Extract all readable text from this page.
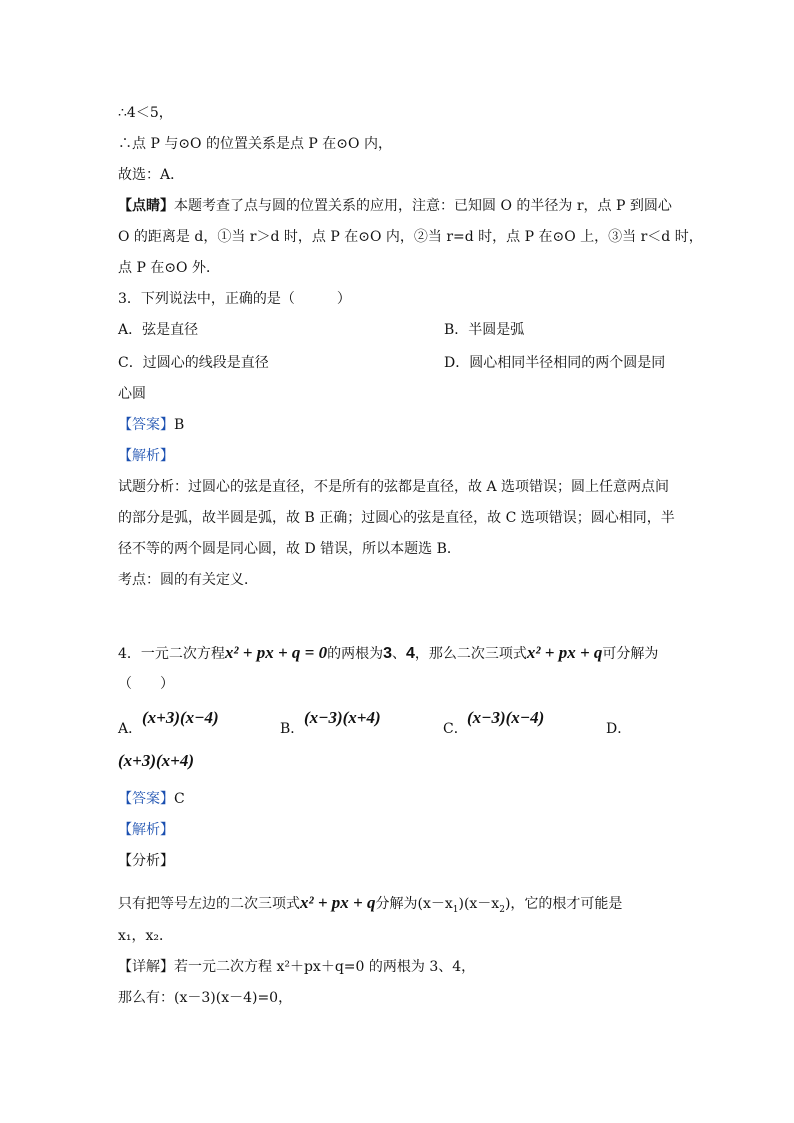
∴4＜5，
∴点 P 与⊙O 的位置关系是点 P 在⊙O 内，
故选：A．
【点睛】本题考查了点与圆的位置关系的应用，注意：已知圆 O 的半径为 r，点 P 到圆心
O 的距离是 d，①当 r＞d 时，点 P 在⊙O 内，②当 r=d 时，点 P 在⊙O 上，③当 r＜d 时，
点 P 在⊙O 外．
3．下列说法中，正确的是（　　　）
A．弦是直径	B．半圆是弧
C．过圆心的线段是直径	D．圆心相同半径相同的两个圆是同
心圆
【答案】B
【解析】
试题分析：过圆心的弦是直径，不是所有的弦都是直径，故 A 选项错误；圆上任意两点间
的部分是弧，故半圆是弧，故 B 正确；过圆心的弦是直径，故 C 选项错误；圆心相同，半
径不等的两个圆是同心圆，故 D 错误，所以本题选 B．
考点：圆的有关定义．
4．一元二次方程x² + px + q = 0的两根为3、4，那么二次三项式x² + px + q可分解为
（　　）
A．
(x+3)(x−4)
B．
(x−3)(x+4)
C．
(x−3)(x−4)
D．
(x+3)(x+4)
【答案】C
【解析】
【分析】
只有把等号左边的二次三项式x² + px + q分解为$(x-x_1)(x-x_2)$，它的根才可能是
x₁，x₂．
【详解】若一元二次方程 x²＋px＋q=0 的两根为 3、4，
那么有：(x－3)(x－4)=0，
